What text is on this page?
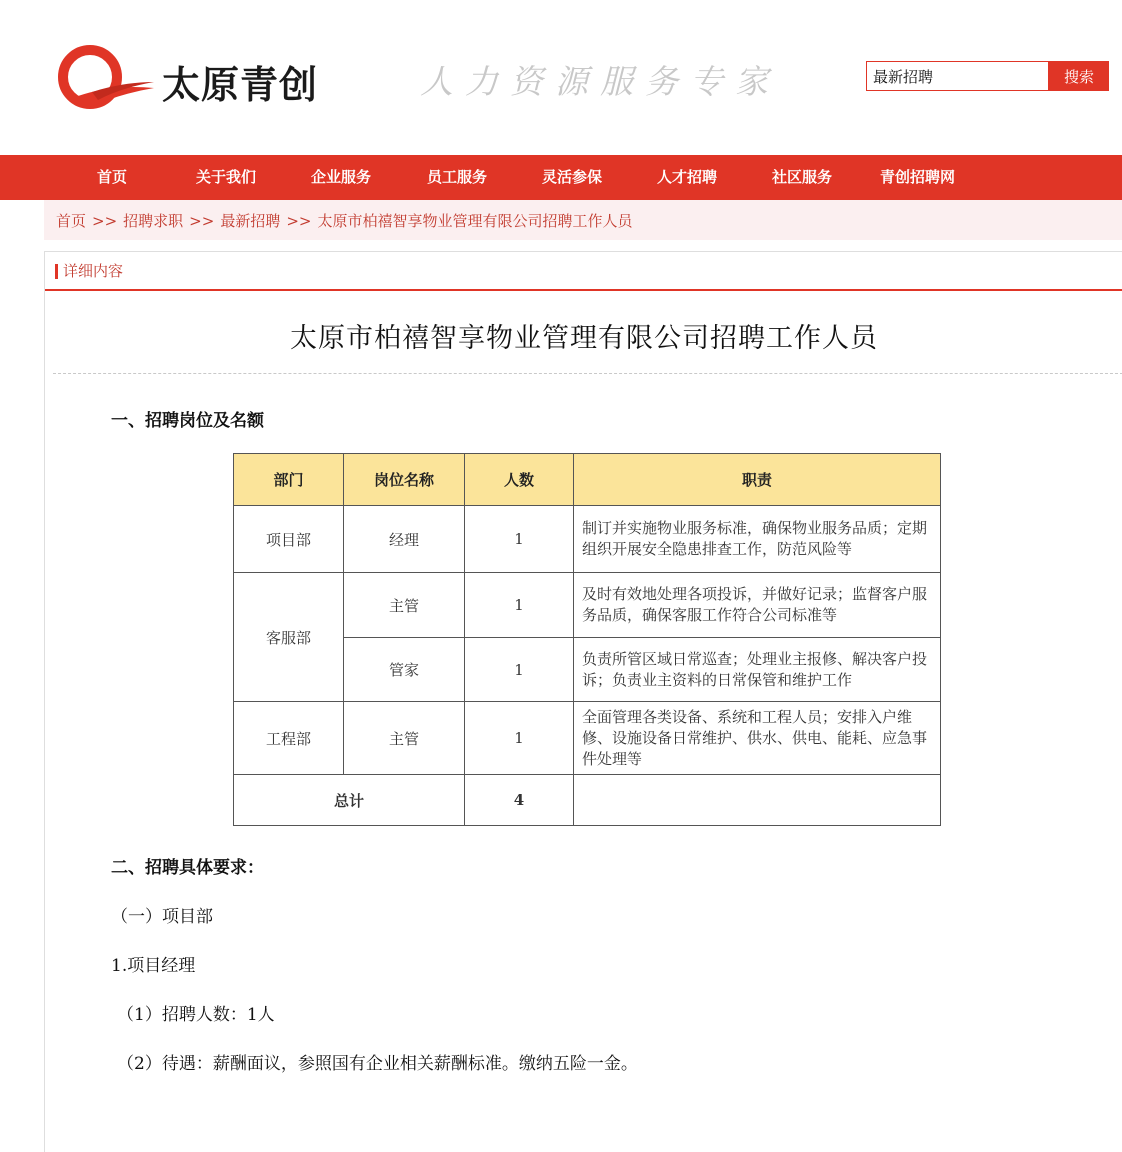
太原青创	人力资源服务专家
最新招聘	搜索
首页	关于我们	企业服务	员工服务	灵活参保	人才招聘	社区服务	青创招聘网
首页 >> 招聘求职 >> 最新招聘 >> 太原市柏禧智享物业管理有限公司招聘工作人员
详细内容
太原市柏禧智享物业管理有限公司招聘工作人员
一、招聘岗位及名额
部门	岗位名称	人数	职责
项目部	经理	1	制订并实施物业服务标准，确保物业服务品质；定期组织开展安全隐患排查工作，防范风险等
客服部	主管	1	及时有效地处理各项投诉，并做好记录；监督客户服务品质，确保客服工作符合公司标准等
	管家	1	负责所管区域日常巡查；处理业主报修、解决客户投诉；负责业主资料的日常保管和维护工作
工程部	主管	1	全面管理各类设备、系统和工程人员；安排入户维修、设施设备日常维护、供水、供电、能耗、应急事件处理等
总计		4	
二、招聘具体要求：
（一）项目部
1.项目经理
（1）招聘人数：1人
（2）待遇：薪酬面议，参照国有企业相关薪酬标准。缴纳五险一金。
